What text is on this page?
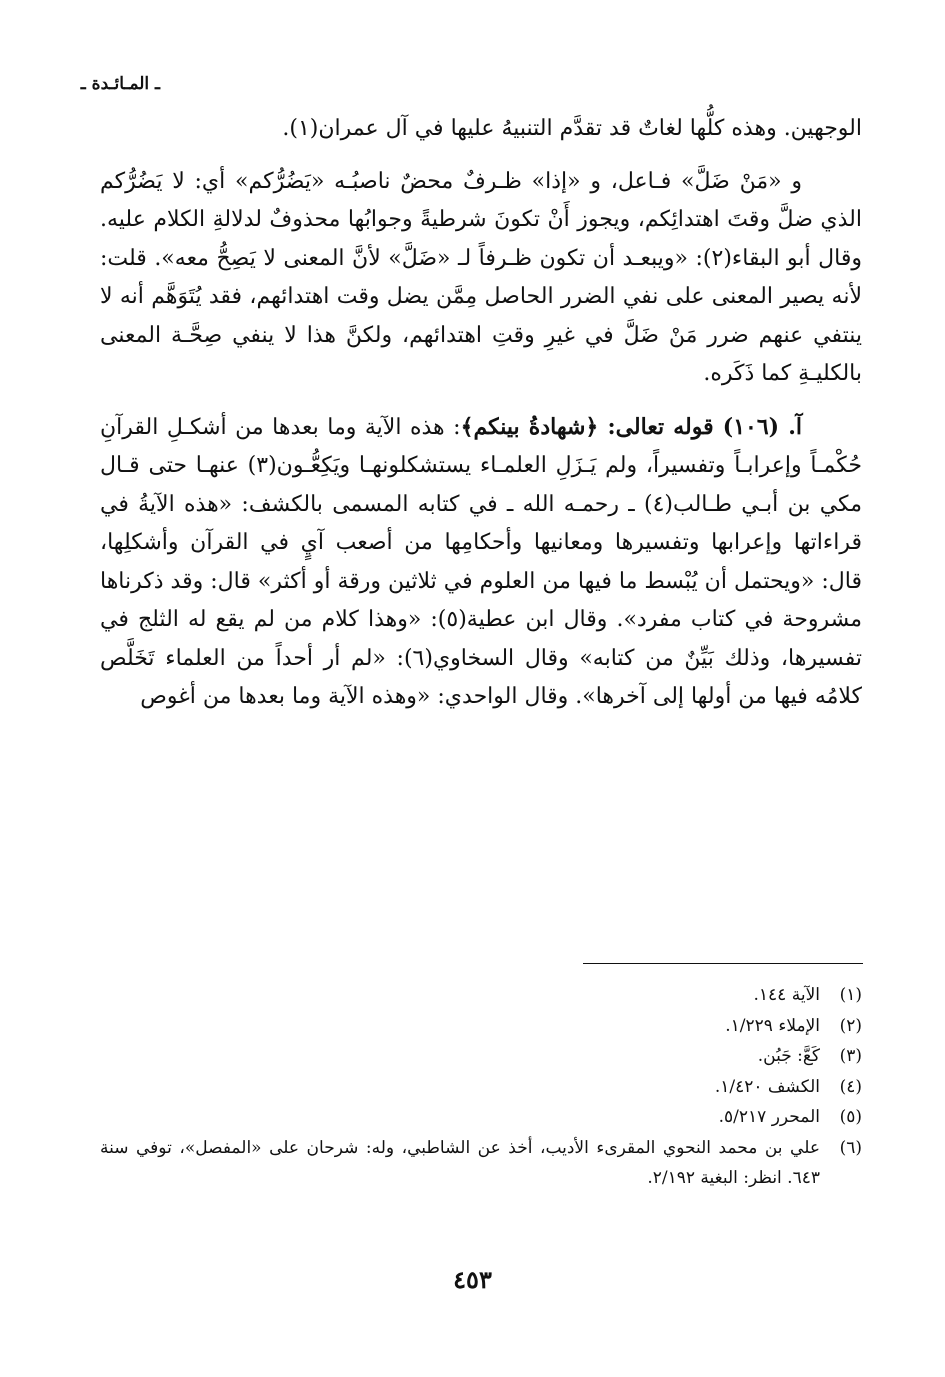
ـ المـائـدة ـ

الوجهين. وهذه كلُّها لغاتٌ قد تقدَّم التنبيهُ عليها في آل عمران(١).

و «مَنْ ضَلَّ» فـاعل، و «إذا» ظـرفٌ محضٌ ناصبُـه «يَضُرُّكم» أي: لا يَضُرُّكم الذي ضلَّ وقتَ اهتدائِكم، ويجوز أَنْ تكونَ شرطيةً وجوابُها محذوفٌ لدلالةِ الكلام عليه. وقال أبو البقاء(٢): «ويبعـد أن تكون ظـرفاً لـ «ضَلَّ» لأنَّ المعنى لا يَصِحُّ معه». قلت: لأنه يصير المعنى على نفي الضرر الحاصل مِمَّن يضل وقت اهتدائهم، فقد يُتَوَهَّم أنه لا ينتفي عنهم ضرر مَنْ ضَلَّ في غيرِ وقتِ اهتدائهم، ولكنَّ هذا لا ينفي صِحَّـة المعنى بالكليـةِ كما ذَكَره.

آ. (١٠٦) قوله تعالى: ﴿شهادةُ بينكم﴾: هذه الآية وما بعدها من أشكـلِ القرآنِ حُكْمـاً وإعرابـاً وتفسيراً، ولم يَـزَلِ العلمـاء يستشكلونهـا ويَكِعُّـون(٣) عنهـا حتى قـال مكي بن أبـي طـالب(٤) ـ رحمـه الله ـ في كتابه المسمى بالكشف: «هذه الآيةُ في قراءاتها وإعرابها وتفسيرها ومعانيها وأحكامِها من أصعب آيٍ في القرآن وأشكلِها، قال: «ويحتمل أن يُبْسط ما فيها من العلوم في ثلاثين ورقة أو أكثر» قال: وقد ذكرناها مشروحة في كتاب مفرد». وقال ابن عطية(٥): «وهذا كلام من لم يقع له الثلج في تفسيرها، وذلك بَيِّنٌ من كتابه» وقال السخاوي(٦): «لم أر أحداً من العلماء تَخَلَّص كلامُه فيها من أولها إلى آخرها». وقال الواحدي: «وهذه الآية وما بعدها من أغوص

(١)الآية ١٤٤.
(٢)الإملاء ١/٢٢٩.
(٣)كَعَّ: جَبُن.
(٤)الكشف ١/٤٢٠.
(٥)المحرر ٥/٢١٧.
(٦)علي بن محمد النحوي المقرىء الأديب، أخذ عن الشاطبي، وله: شرحان على «المفصل»، توفي سنة ٦٤٣. انظر: البغية ٢/١٩٢.
٤٥٣
